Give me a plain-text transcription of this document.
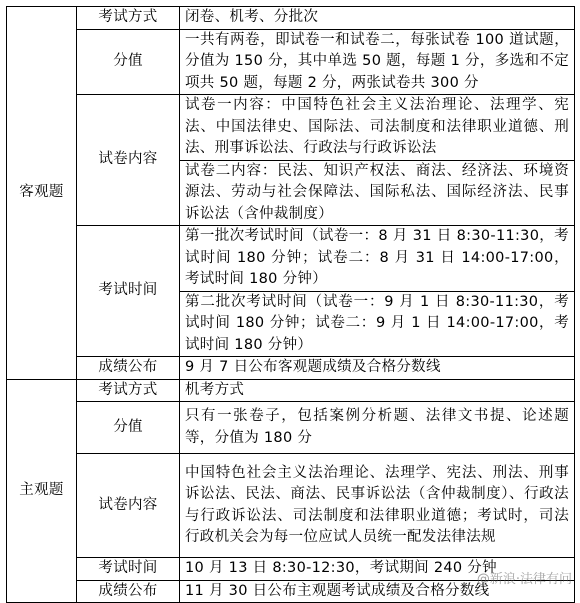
客观题	考试方式	闭卷、机考、分批次
	分值	一共有两卷，即试卷一和试卷二，每张试卷 100 道试题，分值为 150 分，其中单选 50 题，每题 1 分，多选和不定项共 50 题，每题 2 分，两张试卷共 300 分
	试卷内容	试卷一内容：中国特色社会主义法治理论、法理学、宪法、中国法律史、国际法、司法制度和法律职业道德、刑法、刑事诉讼法、行政法与行政诉讼法
		试卷二内容：民法、知识产权法、商法、经济法、环境资源法、劳动与社会保障法、国际私法、国际经济法、民事诉讼法（含仲裁制度）
	考试时间	第一批次考试时间（试卷一：8 月 31 日 8:30-11:30，考试时间 180 分钟；试卷二：8 月 31 日 14:00-17:00，考试时间 180 分钟）
		第二批次考试时间（试卷一：9 月 1 日 8:30-11:30，考试时间 180 分钟；试卷二：9 月 1 日 14:00-17:00，考试时间 180 分钟）
	成绩公布	9 月 7 日公布客观题成绩及合格分数线
主观题	考试方式	机考方式
	分值	只有一张卷子，包括案例分析题、法律文书提、论述题等，分值为 180 分
	试卷内容	中国特色社会主义法治理论、法理学、宪法、刑法、刑事诉讼法、民法、商法、民事诉讼法（含仲裁制度）、行政法与行政诉讼法、司法制度和法律职业道德；考试时，司法行政机关会为每一位应试人员统一配发法律法规
	考试时间	10 月 13 日 8:30-12:30，考试期间 240 分钟
	成绩公布	11 月 30 日公布主观题考试成绩及合格分数线
@新浪·法律有问
